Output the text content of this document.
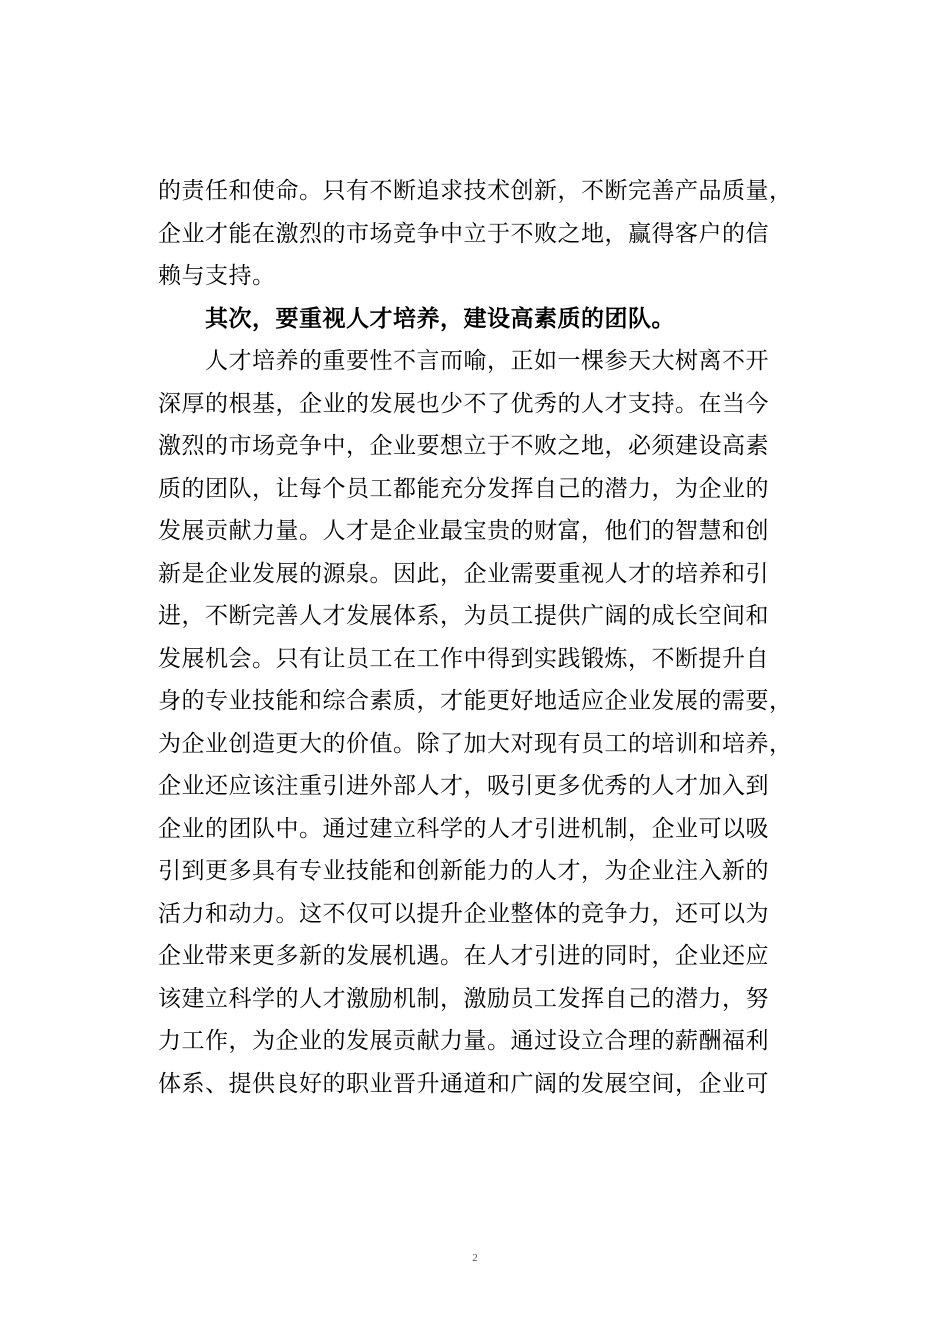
的责任和使命。只有不断追求技术创新，不断完善产品质量，
企业才能在激烈的市场竞争中立于不败之地，赢得客户的信
赖与支持。
其次，要重视人才培养，建设高素质的团队。
人才培养的重要性不言而喻，正如一棵参天大树离不开
深厚的根基，企业的发展也少不了优秀的人才支持。在当今
激烈的市场竞争中，企业要想立于不败之地，必须建设高素
质的团队，让每个员工都能充分发挥自己的潜力，为企业的
发展贡献力量。人才是企业最宝贵的财富，他们的智慧和创
新是企业发展的源泉。因此，企业需要重视人才的培养和引
进，不断完善人才发展体系，为员工提供广阔的成长空间和
发展机会。只有让员工在工作中得到实践锻炼，不断提升自
身的专业技能和综合素质，才能更好地适应企业发展的需要，
为企业创造更大的价值。除了加大对现有员工的培训和培养，
企业还应该注重引进外部人才，吸引更多优秀的人才加入到
企业的团队中。通过建立科学的人才引进机制，企业可以吸
引到更多具有专业技能和创新能力的人才，为企业注入新的
活力和动力。这不仅可以提升企业整体的竞争力，还可以为
企业带来更多新的发展机遇。在人才引进的同时，企业还应
该建立科学的人才激励机制，激励员工发挥自己的潜力，努
力工作，为企业的发展贡献力量。通过设立合理的薪酬福利
体系、提供良好的职业晋升通道和广阔的发展空间，企业可
2
